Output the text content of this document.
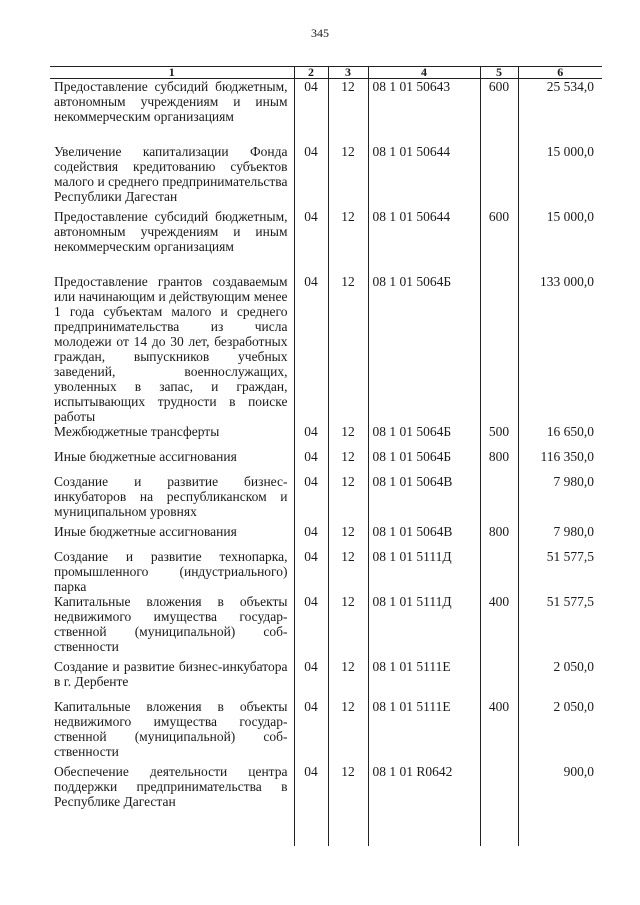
345
1	2	3	4	5	6
Предоставление субсидий бюджетным, автономным учреждениям и иным некоммерческим организациям	04	12	08 1 01 50643	600	25 534,0
Увеличение капитализации Фонда содействия кредитованию субъектов малого и среднего предпринимательства Республики Дагестан	04	12	08 1 01 50644		15 000,0
Предоставление субсидий бюджетным, автономным учреждениям и иным некоммерческим организациям	04	12	08 1 01 50644	600	15 000,0
Предоставление грантов создаваемым или начинающим и действующим менее 1 года субъектам малого и среднего предпринимательства из числа молодежи от 14 до 30 лет, безработных граждан, выпускников учебных заведений, военнослужащих, уволенных в запас, и граждан, испытывающих трудности в поиске работы	04	12	08 1 01 5064Б		133 000,0
Межбюджетные трансферты	04	12	08 1 01 5064Б	500	16 650,0
Иные бюджетные ассигнования	04	12	08 1 01 5064Б	800	116 350,0
Создание и развитие бизнес-инкубаторов на республиканском и муниципальном уровнях	04	12	08 1 01 5064В		7 980,0
Иные бюджетные ассигнования	04	12	08 1 01 5064В	800	7 980,0
Создание и развитие технопарка, промышленного (индустриального) парка	04	12	08 1 01 5111Д		51 577,5
Капитальные вложения в объекты недвижимого имущества государственной (муниципальной) собственности	04	12	08 1 01 5111Д	400	51 577,5
Создание и развитие бизнес-инкубатора в г. Дербенте	04	12	08 1 01 5111Е		2 050,0
Капитальные вложения в объекты недвижимого имущества государственной (муниципальной) собственности	04	12	08 1 01 5111Е	400	2 050,0
Обеспечение деятельности центра поддержки предпринимательства в Республике Дагестан	04	12	08 1 01 R0642		900,0
